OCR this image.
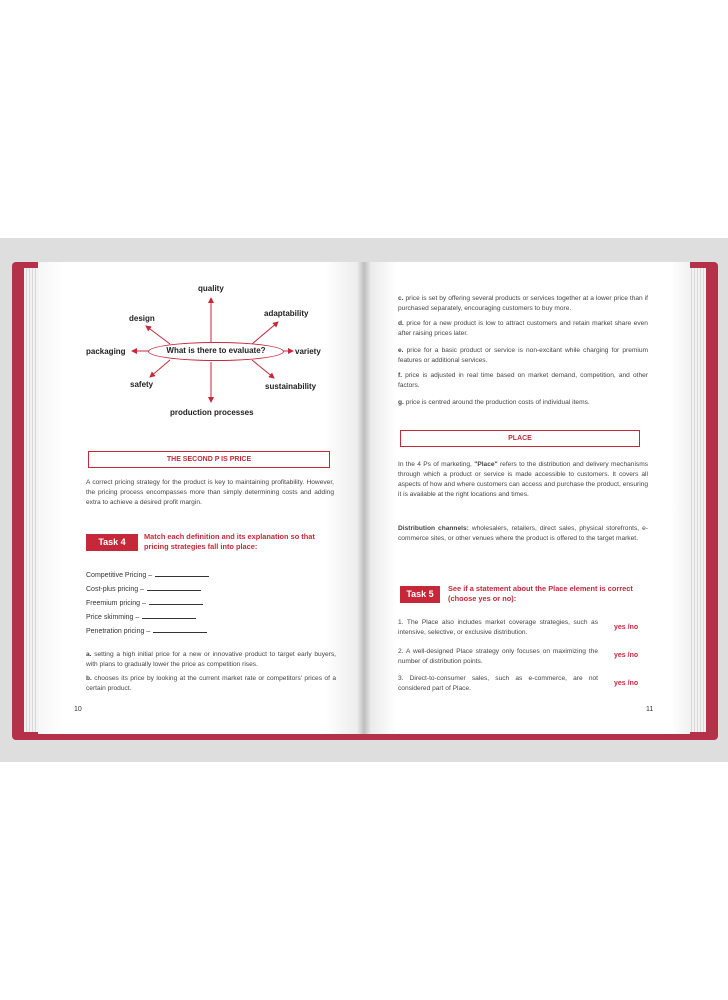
What is there to evaluate?
quality
design
adaptability
packaging	variety
safety	sustainability
production processes
THE SECOND P IS PRICE
A correct pricing strategy for the product is key to maintaining profitability. However, the pricing process encompasses more than simply determining costs and adding extra to achieve a desired profit margin.
Task 4
Match each definition and its explanation so that pricing strategies fall into place:
Competitive Pricing –
Cost-plus pricing –
Freemium pricing –
Price skimming –
Penetration pricing –
a. setting a high initial price for a new or innovative product to target early buyers, with plans to gradually lower the price as competition rises.
b. chooses its price by looking at the current market rate or competitors' prices of a certain product.
10
c. price is set by offering several products or services together at a lower price than if purchased separately, encouraging customers to buy more.
d. price for a new product is low to attract customers and retain market share even after raising prices later.
e. price for a basic product or service is non-excitant while charging for premium features or additional services.
f. price is adjusted in real time based on market demand, competition, and other factors.
g. price is centred around the production costs of individual items.
PLACE
In the 4 Ps of marketing, "Place" refers to the distribution and delivery mechanisms through which a product or service is made accessible to customers. It covers all aspects of how and where customers can access and purchase the product, ensuring it is available at the right locations and times.
Distribution channels: wholesalers, retailers, direct sales, physical storefronts, e-commerce sites, or other venues where the product is offered to the target market.
Task 5
See if a statement about the Place element is correct (choose yes or no):
1. The Place also includes market coverage strategies, such as intensive, selective, or exclusive distribution.
yes /no
2. A well-designed Place strategy only focuses on maximizing the number of distribution points.
yes /no
3. Direct-to-consumer sales, such as e-commerce, are not considered part of Place.
yes /no
11
